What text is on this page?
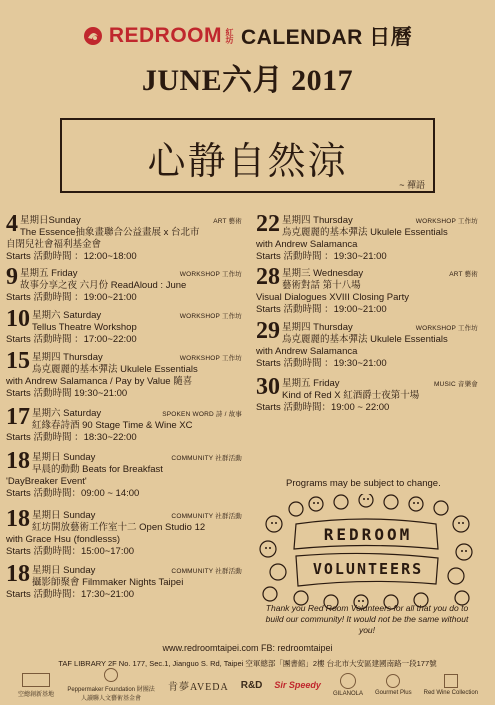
REDROOM 紅坊 CALENDAR 日曆
JUNE六月 2017
心静自然涼
~ 禪語
4 星期日Sunday	ART 藝術
The Essence抽象畫聯合公益畫展 x 台北市
自閉兒社會福利基金會
Starts 活動時間 ：12:00~18:00
9 星期五 Friday	WORKSHOP 工作坊
故事分享之夜 六月份 ReadAloud : June
Starts 活動時間 ：19:00~21:00
10 星期六 Saturday	WORKSHOP 工作坊
Tellus Theatre Workshop
Starts 活動時間 ：17:00~22:00
15 星期四 Thursday	WORKSHOP 工作坊
烏克麗麗的基本彈法 Ukulele Essentials
with Andrew Salamanca / Pay by Value 隨喜
Starts 活動時間 19:30~21:00
17 星期六 Saturday	SPOKEN WORD 詩 / 故事
紅緣春詩酒 90 Stage Time & Wine XC
Starts 活動時間 ：18:30~22:00
18 星期日 Sunday	COMMUNITY 社群活動
早晨的動動 Beats for Breakfast
'DayBreaker Event'
Starts 活動時間：09:00 ~ 14:00
18 星期日 Sunday	COMMUNITY 社群活動
紅坊開放藝術工作室十二 Open Studio 12
with Grace Hsu (fondlesss)
Starts 活動時間：15:00~17:00
18 星期日 Sunday	COMMUNITY 社群活動
攝影師聚會 Filmmaker Nights Taipei
Starts 活動時間：17:30~21:00
22 星期四 Thursday	WORKSHOP 工作坊
烏克麗麗的基本彈法 Ukulele Essentials
with Andrew Salamanca
Starts 活動時間 ：19:30~21:00
28 星期三 Wednesday	ART 藝術
藝術對話 第十八場
Visual Dialogues XVIII Closing Party
Starts 活動時間 ：19:00~21:00
29 星期四 Thursday	WORKSHOP 工作坊
烏克麗麗的基本彈法 Ukulele Essentials
with Andrew Salamanca
Starts 活動時間 ：19:30~21:00
30 星期五 Friday	MUSIC 音樂會
Kind of Red X 紅酒爵士夜第十場
Starts 活動時間：19:00 ~ 22:00
Programs may be subject to change.
REDROOM
VOLUNTEERS
Thank you Red Room Volunteers for all that you do to build our community! It would not be the same without you!
www.redroomtaipei.com FB: redroomtaipei
TAF LIBRARY 2F No. 177, Sec.1, Jianguo S. Rd, Taipei 空軍總部「團書館」2樓 台北市大安區建國南路一段177號
空總創新基地
Peppermaker Foundation 財團法人讀聯人文藝術基金會
肯夢AVEDA R&D Sir Speedy
GILANOLA Gourmet Plus Red Wine Collection
